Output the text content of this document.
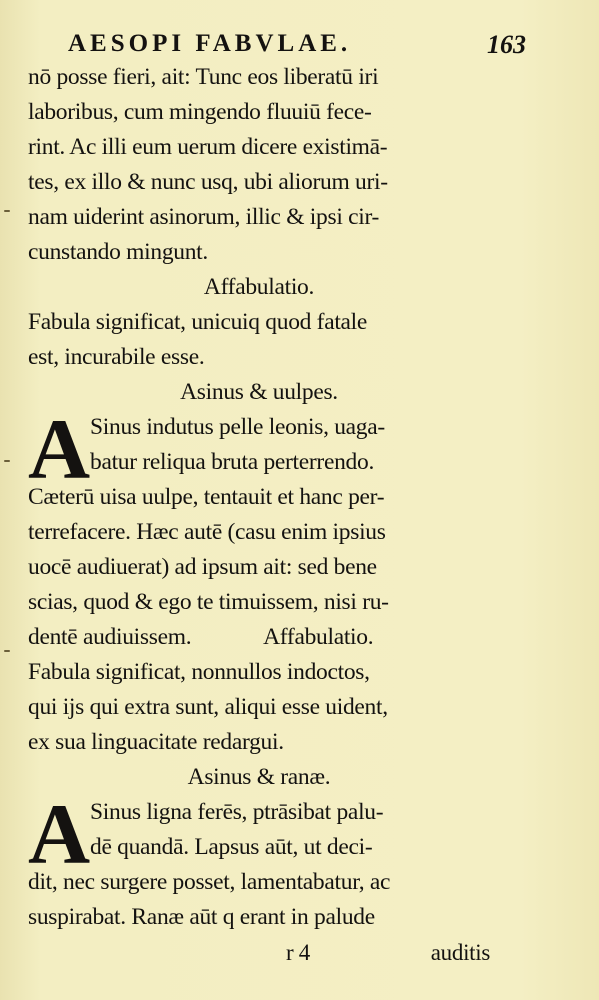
AESOPI FABVLAE.	163
nō posse fieri, ait: Tunc eos liberatū iri
laboribus, cum mingendo fluuiū fece-
rint. Ac illi eum uerum dicere existimā-
tes, ex illo & nunc usq, ubi aliorum uri-
nam uiderint asinorum, illic & ipsi cir-
cunstando mingunt.
Affabulatio.
Fabula significat, unicuiq quod fatale
est, incurabile esse.
Asinus & uulpes.
A Sinus indutus pelle leonis, uaga-
batur reliqua bruta perterrendo.
Cæterū uisa uulpe, tentauit et hanc per-
terrefacere. Hæc autē (casu enim ipsius
uocē audiuerat) ad ipsum ait: sed bene
scias, quod & ego te timuissem, nisi ru-
dentē audiuissem.	Affabulatio.
Fabula significat, nonnullos indoctos,
qui ijs qui extra sunt, aliqui esse uident,
ex sua linguacitate redargui.
Asinus & ranæ.
A Sinus ligna ferēs, ptrāsibat palu-
dē quandā. Lapsus aūt, ut deci-
dit, nec surgere posset, lamentabatur, ac
suspirabat. Ranæ aūt q erant in palude
r 4	auditis
